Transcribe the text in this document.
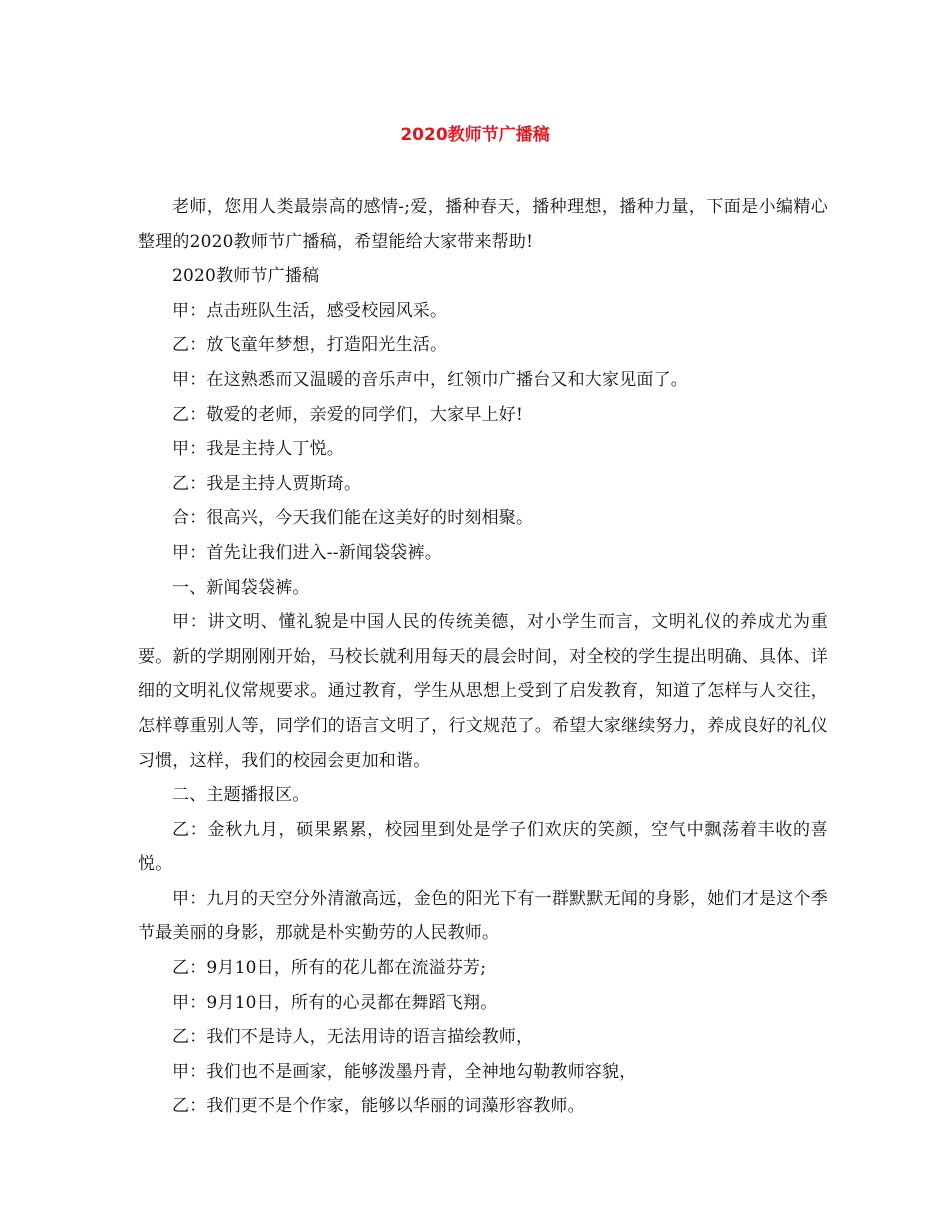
2020教师节广播稿

老师，您用人类最崇高的感情-;爱，播种春天，播种理想，播种力量，下面是小编精心整理的2020教师节广播稿，希望能给大家带来帮助!

2020教师节广播稿

甲：点击班队生活，感受校园风采。

乙：放飞童年梦想，打造阳光生活。

甲：在这熟悉而又温暖的音乐声中，红领巾广播台又和大家见面了。

乙：敬爱的老师，亲爱的同学们，大家早上好!

甲：我是主持人丁悦。

乙：我是主持人贾斯琦。

合：很高兴，今天我们能在这美好的时刻相聚。

甲：首先让我们进入--新闻袋袋裤。

一、新闻袋袋裤。

甲：讲文明、懂礼貌是中国人民的传统美德，对小学生而言，文明礼仪的养成尤为重要。新的学期刚刚开始，马校长就利用每天的晨会时间，对全校的学生提出明确、具体、详细的文明礼仪常规要求。通过教育，学生从思想上受到了启发教育，知道了怎样与人交往，怎样尊重别人等，同学们的语言文明了，行文规范了。希望大家继续努力，养成良好的礼仪习惯，这样，我们的校园会更加和谐。

二、主题播报区。

乙：金秋九月，硕果累累，校园里到处是学子们欢庆的笑颜，空气中飘荡着丰收的喜悦。

甲：九月的天空分外清澈高远，金色的阳光下有一群默默无闻的身影，她们才是这个季节最美丽的身影，那就是朴实勤劳的人民教师。

乙：9月10日，所有的花儿都在流溢芬芳;

甲：9月10日，所有的心灵都在舞蹈飞翔。

乙：我们不是诗人，无法用诗的语言描绘教师，

甲：我们也不是画家，能够泼墨丹青，全神地勾勒教师容貌，

乙：我们更不是个作家，能够以华丽的词藻形容教师。
